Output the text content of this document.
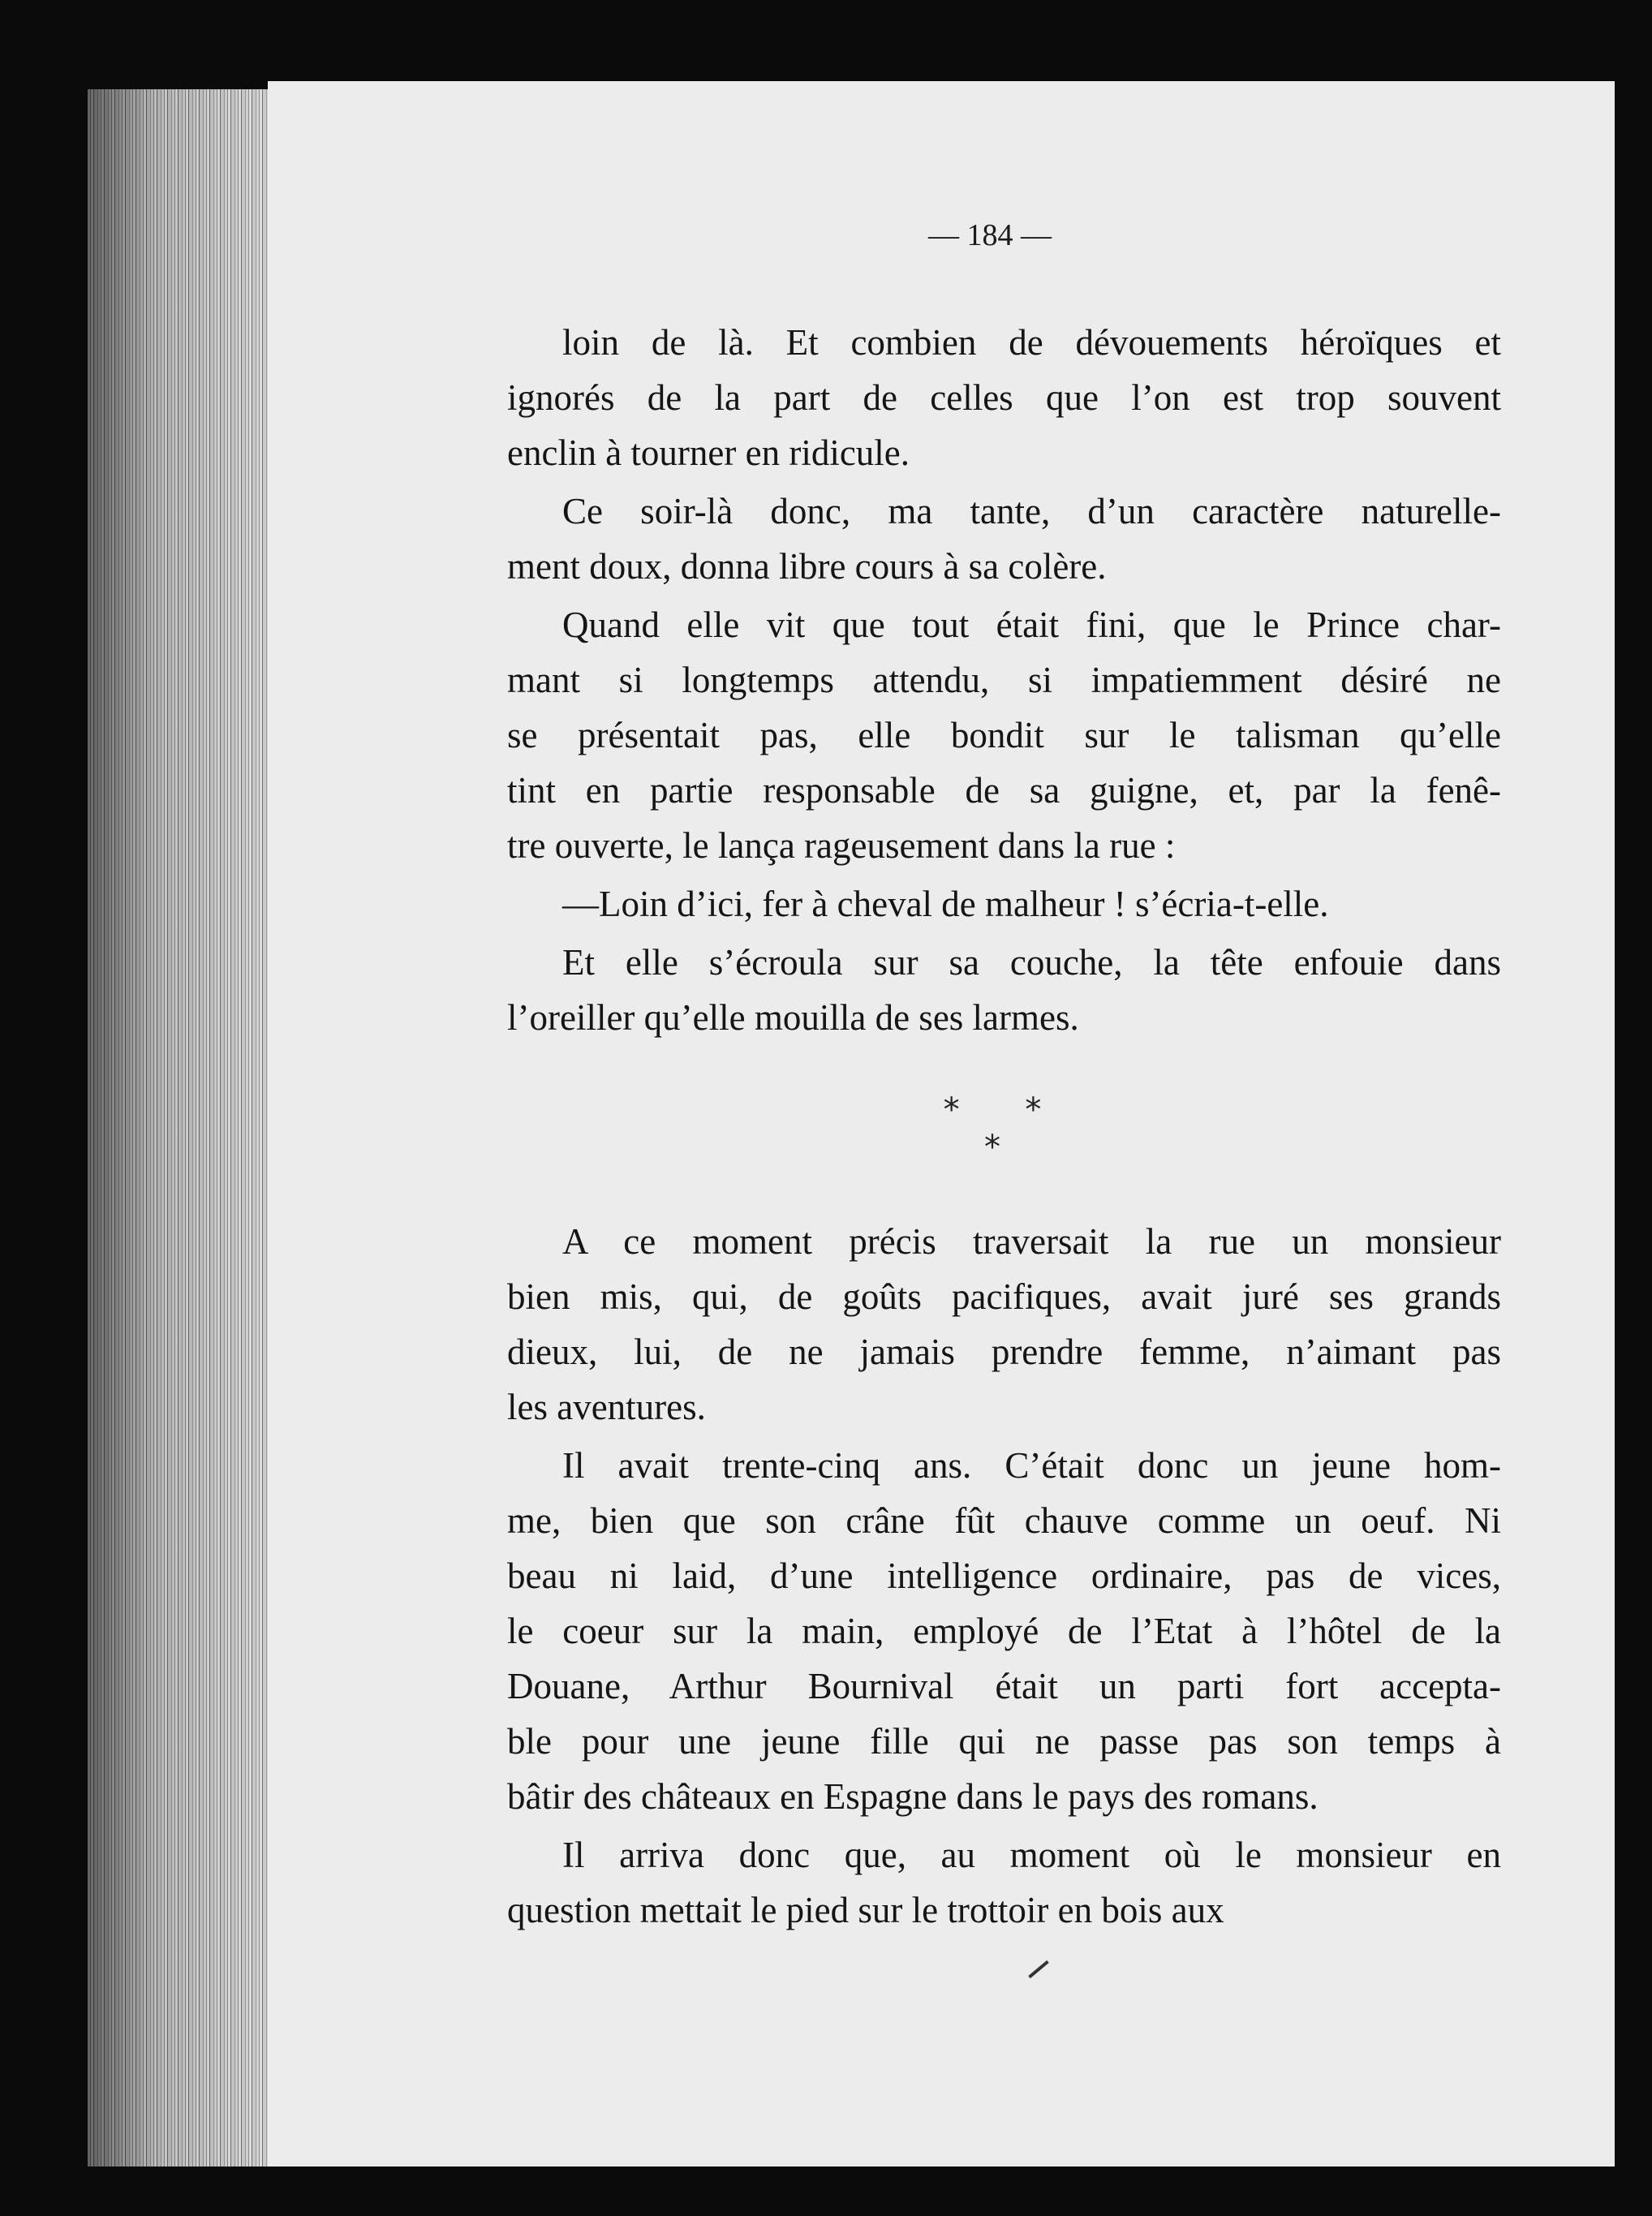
— 184 —
loin de là. Et combien de dévouements héroïques et
ignorés de la part de celles que l’on est trop souvent
enclin à tourner en ridicule.
Ce soir-là donc, ma tante, d’un caractère naturelle-
ment doux, donna libre cours à sa colère.
Quand elle vit que tout était fini, que le Prince char-
mant si longtemps attendu, si impatiemment désiré ne
se présentait pas, elle bondit sur le talisman qu’elle
tint en partie responsable de sa guigne, et, par la fenê-
tre ouverte, le lança rageusement dans la rue :
—Loin d’ici, fer à cheval de malheur ! s’écria-t-elle.
Et elle s’écroula sur sa couche, la tête enfouie dans
l’oreiller qu’elle mouilla de ses larmes.
* * *
A ce moment précis traversait la rue un monsieur
bien mis, qui, de goûts pacifiques, avait juré ses grands
dieux, lui, de ne jamais prendre femme, n’aimant pas
les aventures.
Il avait trente-cinq ans. C’était donc un jeune hom-
me, bien que son crâne fût chauve comme un oeuf. Ni
beau ni laid, d’une intelligence ordinaire, pas de vices,
le coeur sur la main, employé de l’Etat à l’hôtel de la
Douane, Arthur Bournival était un parti fort accepta-
ble pour une jeune fille qui ne passe pas son temps à
bâtir des châteaux en Espagne dans le pays des romans.
Il arriva donc que, au moment où le monsieur en
question mettait le pied sur le trottoir en bois aux
